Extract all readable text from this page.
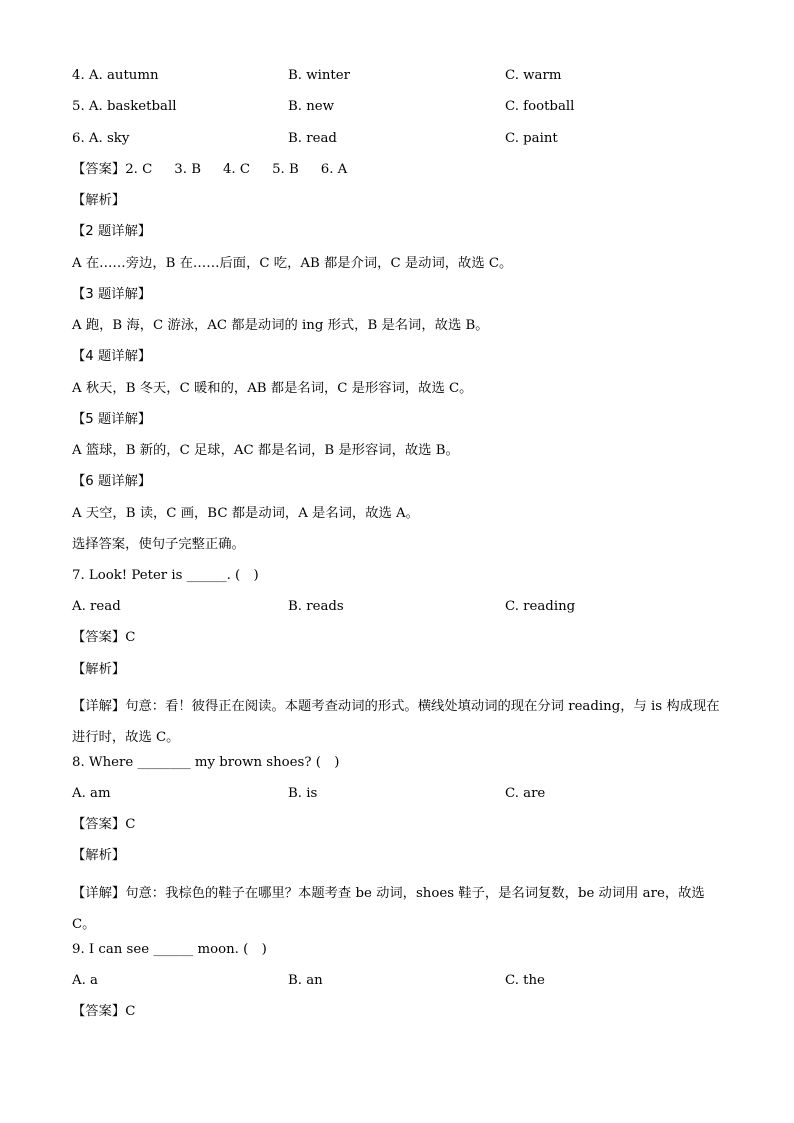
4. A. autumn	B. winter	C. warm
5. A. basketball	B. new	C. football
6. A. sky	B. read	C. paint
【答案】2. C 3. B 4. C 5. B 6. A
【解析】
【2 题详解】
A 在……旁边，B 在……后面，C 吃，AB 都是介词，C 是动词，故选 C。
【3 题详解】
A 跑，B 海，C 游泳，AC 都是动词的 ing 形式，B 是名词，故选 B。
【4 题详解】
A 秋天，B 冬天，C 暖和的，AB 都是名词，C 是形容词，故选 C。
【5 题详解】
A 篮球，B 新的，C 足球，AC 都是名词，B 是形容词，故选 B。
【6 题详解】
A 天空，B 读，C 画，BC 都是动词，A 是名词，故选 A。
选择答案，使句子完整正确。
7. Look! Peter is ______. (　)
A. read	B. reads	C. reading
【答案】C
【解析】
【详解】句意：看！彼得正在阅读。本题考查动词的形式。横线处填动词的现在分词 reading，与 is 构成现在进行时，故选 C。
8. Where ________ my brown shoes? (　)
A. am	B. is	C. are
【答案】C
【解析】
【详解】句意：我棕色的鞋子在哪里？本题考查 be 动词，shoes 鞋子，是名词复数，be 动词用 are，故选 C。
9. I can see ______ moon. (　)
A. a	B. an	C. the
【答案】C
